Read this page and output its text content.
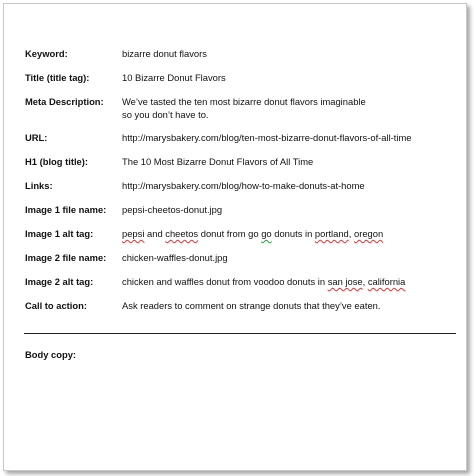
Keyword:	bizarre donut flavors
Title (title tag):	10 Bizarre Donut Flavors
Meta Description:	We’ve tasted the ten most bizarre donut flavors imaginable
so you don’t have to.
URL:	http://marysbakery.com/blog/ten-most-bizarre-donut-flavors-of-all-time
H1 (blog title):	The 10 Most Bizarre Donut Flavors of All Time
Links:	http://marysbakery.com/blog/how-to-make-donuts-at-home
Image 1 file name:	pepsi-cheetos-donut.jpg
Image 1 alt tag:	pepsi and cheetos donut from go go donuts in portland, oregon
Image 2 file name:	chicken-waffles-donut.jpg
Image 2 alt tag:	chicken and waffles donut from voodoo donuts in san jose, california
Call to action:	Ask readers to comment on strange donuts that they’ve eaten.
Body copy:
